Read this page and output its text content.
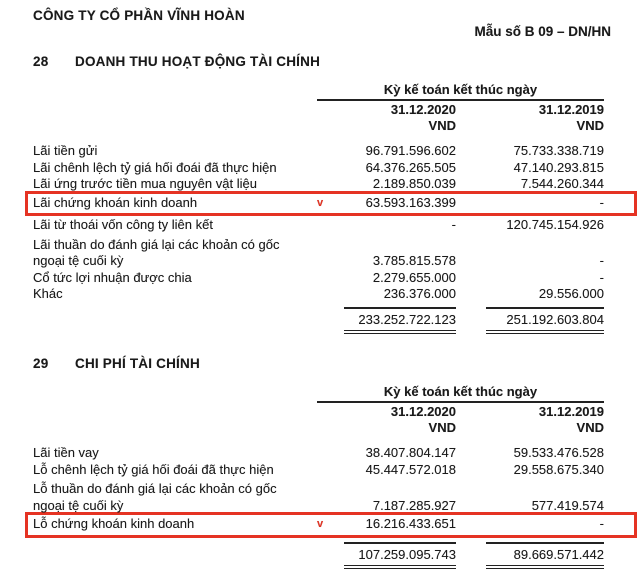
CÔNG TY CỔ PHẦN VĨNH HOÀN
Mẫu số B 09 – DN/HN
28	DOANH THU HOẠT ĐỘNG TÀI CHÍNH
Kỳ kế toán kết thúc ngày
31.12.2020	31.12.2019
VND	VND
Lãi tiền gửi	96.791.596.602	75.733.338.719
Lãi chênh lệch tỷ giá hối đoái đã thực hiện	64.376.265.505	47.140.293.815
Lãi ứng trước tiền mua nguyên vật liệu	2.189.850.039	7.544.260.344
Lãi chứng khoán kinh doanh	v	63.593.163.399	-
Lãi từ thoái vốn công ty liên kết	-	120.745.154.926
Lãi thuần do đánh giá lại các khoản có gốc ngoại tệ cuối kỳ	3.785.815.578	-
Cổ tức lợi nhuận được chia	2.279.655.000	-
Khác	236.376.000	29.556.000
233.252.722.123	251.192.603.804
29	CHI PHÍ TÀI CHÍNH
Kỳ kế toán kết thúc ngày
31.12.2020	31.12.2019
VND	VND
Lãi tiền vay	38.407.804.147	59.533.476.528
Lỗ chênh lệch tỷ giá hối đoái đã thực hiện	45.447.572.018	29.558.675.340
Lỗ thuần do đánh giá lại các khoản có gốc ngoại tệ cuối kỳ	7.187.285.927	577.419.574
Lỗ chứng khoán kinh doanh	v	16.216.433.651	-
107.259.095.743	89.669.571.442
